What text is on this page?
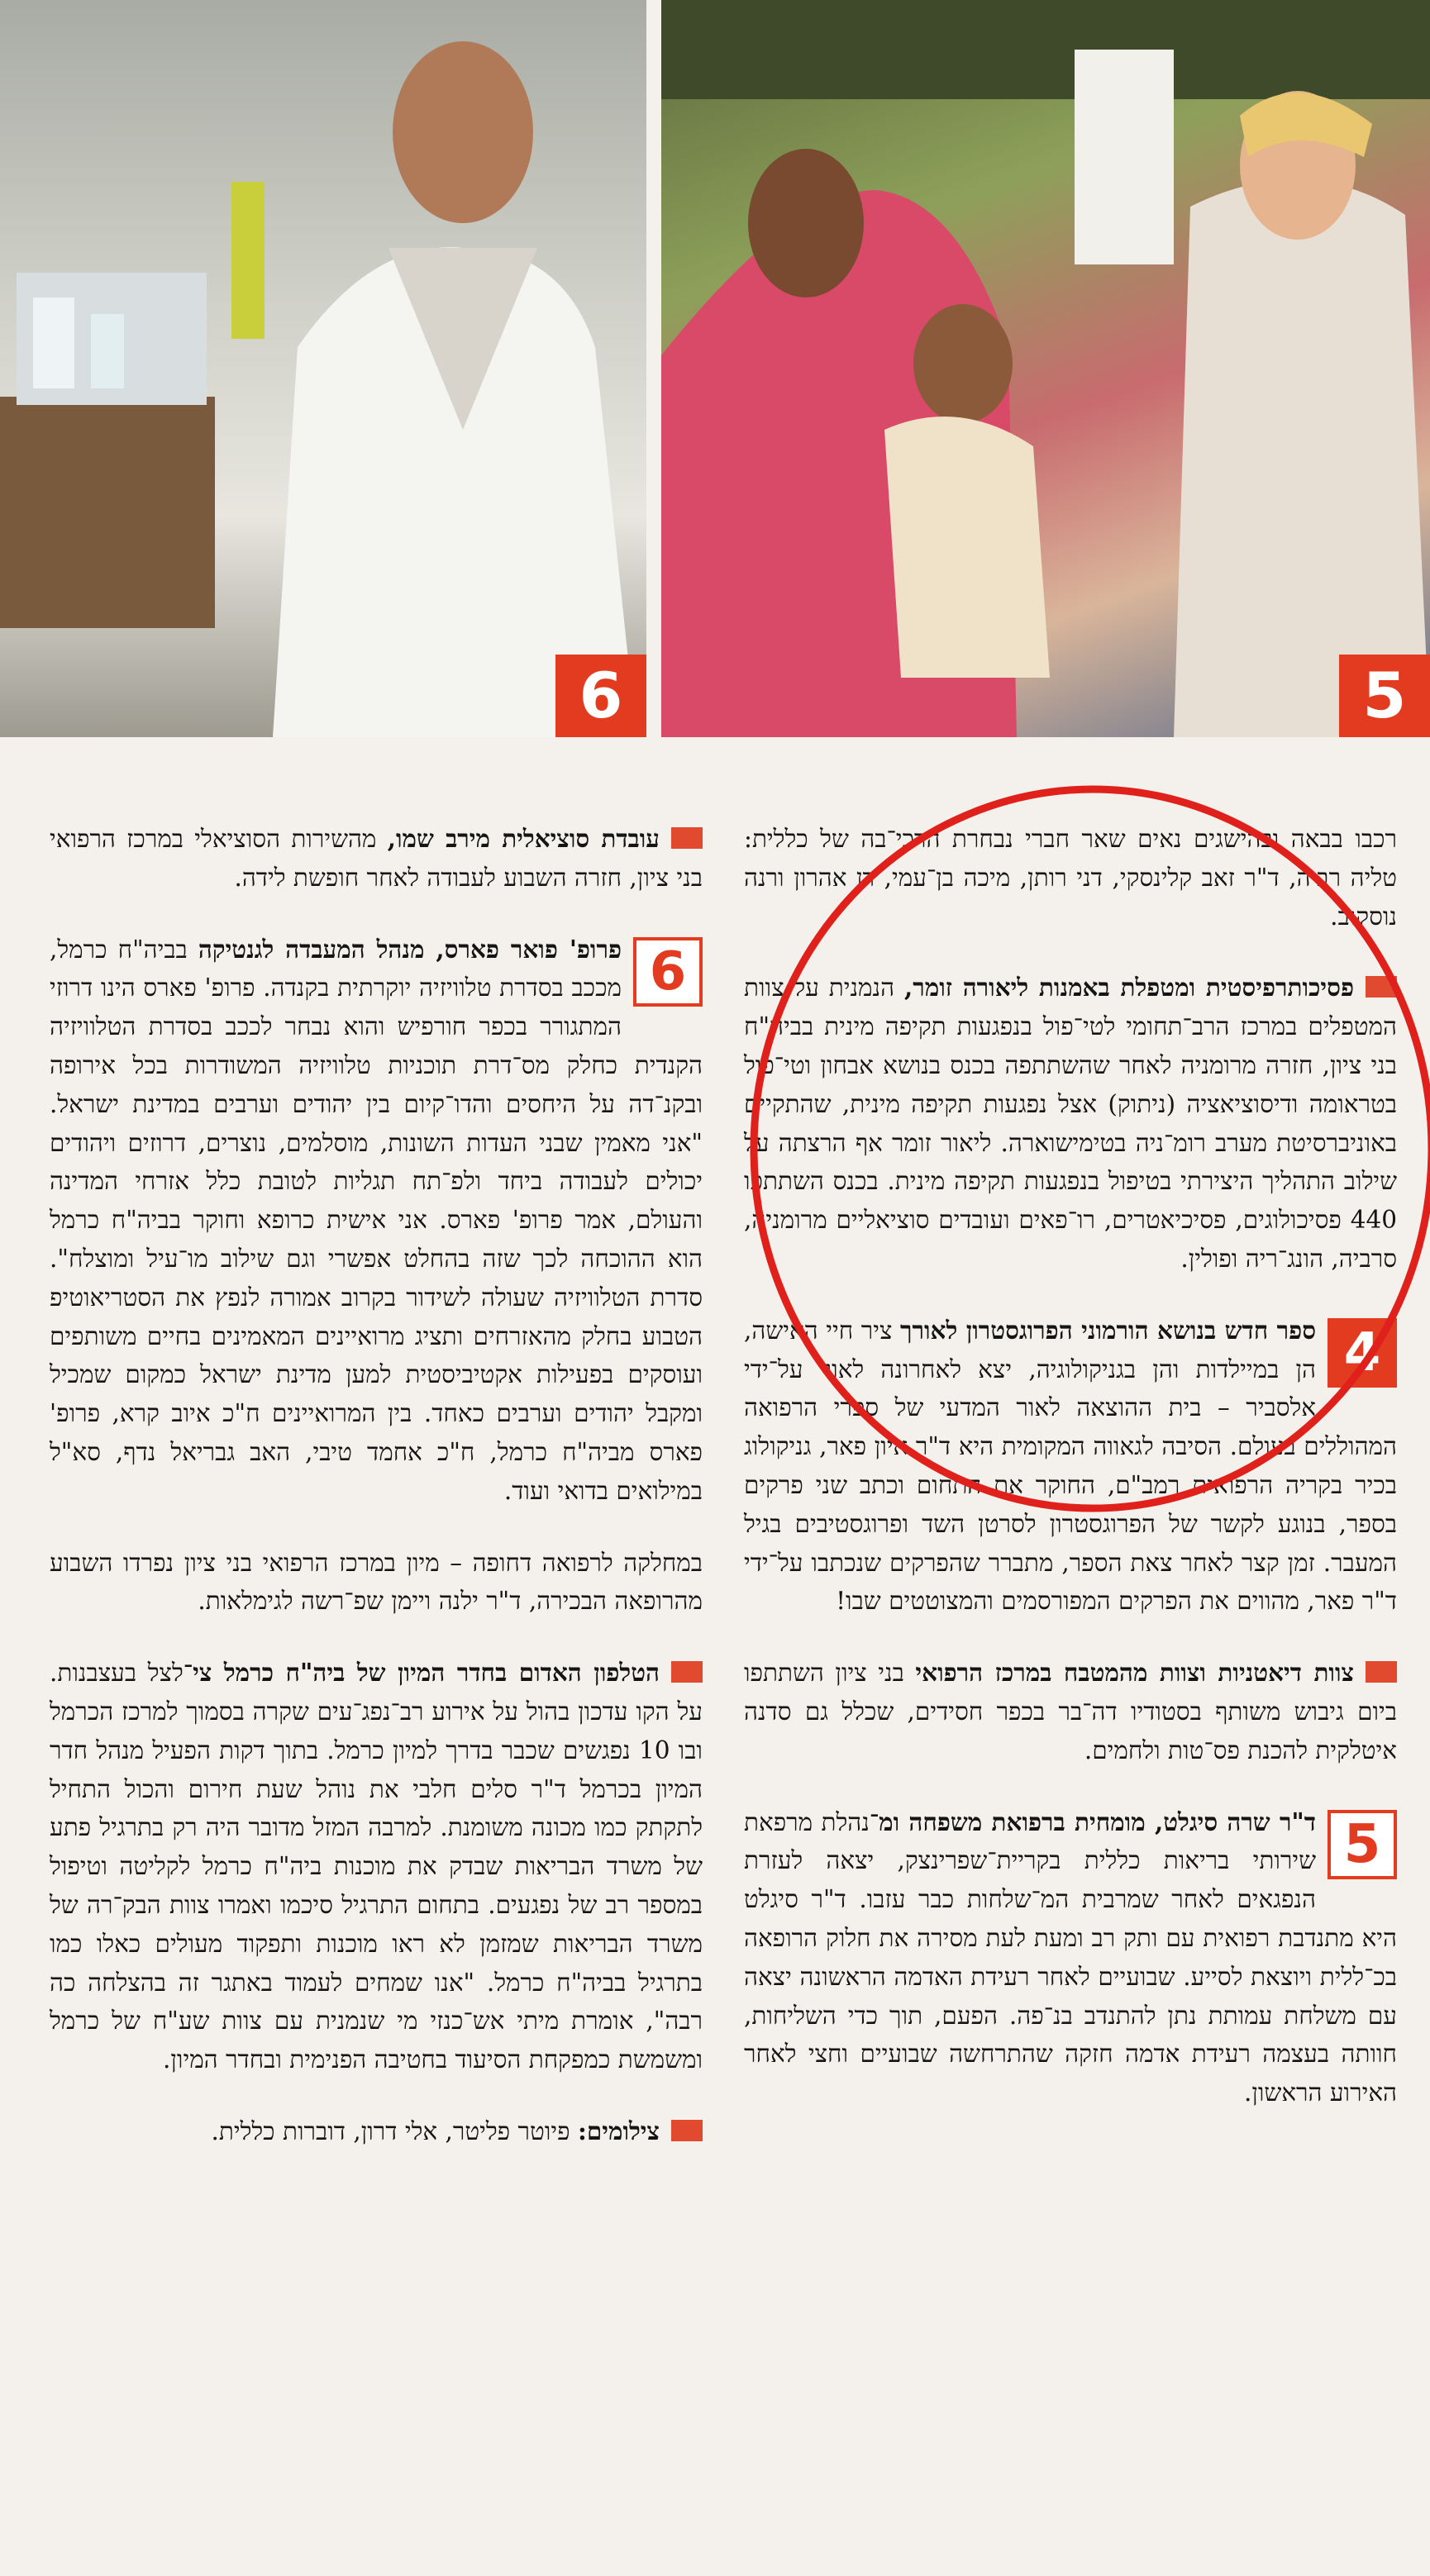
6	5

רכבו בבאה ובהישגים נאים שאר חברי נבחרת הרכי־בה של כללית: טליה רביה, ד"ר זאב קלינסקי, דני רותן, מיכה בן־עמי, רן אהרון ורנה נוסקוב.

פסיכותרפיסטית ומטפלת באמנות ליאורה זומר, הנמנית על צוות המטפלים במרכז הרב־תחומי לטי־פול בנפגעות תקיפה מינית בביה"ח בני ציון, חזרה מרומניה לאחר שהשתתפה בכנס בנושא אבחון וטי־פול בטראומה ודיסוציאציה (ניתוק) אצל נפגעות תקיפה מינית, שהתקיים באוניברסיטת מערב רומ־ניה בטימישוארה. ליאור זומר אף הרצתה על שילוב התהליך היצירתי בטיפול בנפגעות תקיפה מינית. בכנס השתתפו 440 פסיכולוגים, פסיכיאטרים, רו־פאים ועובדים סוציאליים מרומניה, סרביה, הונג־ריה ופולין.

4
ספר חדש בנושא הורמוני הפרוגסטרון לאורך ציר חיי האישה, הן במיילדות והן בגניקולוגיה, יצא לאחרונה לאור על־ידי אלסביר – בית ההוצאה לאור המדעי של ספרי הרפואה המהוללים בעולם. הסיבה לגאווה המקומית היא ד"ר איון פאר, גניקולוג בכיר בקריה הרפואית רמב"ם, החוקר את התחום וכתב שני פרקים בספר, בנוגע לקשר של הפרוגסטרון לסרטן השד ופרוגסטיבים בגיל המעבר. זמן קצר לאחר צאת הספר, מתברר שהפרקים שנכתבו על־ידי ד"ר פאר, מהווים את הפרקים המפורסמים והמצוטטים שבו!

צוות דיאטניות וצוות מהמטבח במרכז הרפואי בני ציון השתתפו ביום גיבוש משותף בסטודיו דה־בר בכפר חסידים, שכלל גם סדנה איטלקית להכנת פס־טות ולחמים.

5
ד"ר שרה סיגלט, מומחית ברפואת משפחה ומ־נהלת מרפאת שירותי בריאות כללית בקריית־שפרינצק, יצאה לעזרת הנפגאים לאחר שמרבית המ־שלחות כבר עזבו. ד"ר סיגלט היא מתנדבת רפואית עם ותק רב ומעת לעת מסירה את חלוק הרופאה בכ־ללית ויוצאת לסייע. שבועיים לאחר רעידת האדמה הראשונה יצאה עם משלחת עמותת נתן להתנדב בנ־פה. הפעם, תוך כדי השליחות, חוותה בעצמה רעידת אדמה חזקה שהתרחשה שבועיים וחצי לאחר האירוע הראשון.

עובדת סוציאלית מירב שמו, מהשירות הסוציאלי במרכז הרפואי בני ציון, חזרה השבוע לעבודה לאחר חופשת לידה.

6
פרופ' פואר פארס, מנהל המעבדה לגנטיקה בביה"ח כרמל, מככב בסדרת טלוויזיה יוקרתית בקנדה. פרופ' פארס הינו דרוזי המתגורר בכפר חורפיש והוא נבחר לככב בסדרת הטלוויזיה הקנדית כחלק מס־דרת תוכניות טלוויזיה המשודרות בכל אירופה ובקנ־דה על היחסים והדו־קיום בין יהודים וערבים במדינת ישראל. "אני מאמין שבני העדות השונות, מוסלמים, נוצרים, דרוזים ויהודים יכולים לעבודה ביחד ולפ־תח תגליות לטובת כלל אזרחי המדינה והעולם, אמר פרופ' פארס. אני אישית כרופא וחוקר בביה"ח כרמל הוא ההוכחה לכך שזה בהחלט אפשרי וגם שילוב מו־עיל ומוצלח". סדרת הטלוויזיה שעולה לשידור בקרוב אמורה לנפץ את הסטריאוטיפ הטבוע בחלק מהאזרחים ותציג מרואיינים המאמינים בחיים משותפים ועוסקים בפעילות אקטיביסטית למען מדינת ישראל כמקום שמכיל ומקבל יהודים וערבים כאחד. בין המרואיינים ח"כ איוב קרא, פרופ' פארס מביה"ח כרמל, ח"כ אחמד טיבי, האב גבריאל נדף, סא"ל במילואים בדואי ועוד.

במחלקה לרפואה דחופה – מיון במרכז הרפואי בני ציון נפרדו השבוע מהרופאה הבכירה, ד"ר ילנה ויימן שפ־רשה לגימלאות.

הטלפון האדום בחדר המיון של ביה"ח כרמל צי־לצל בעצבנות. על הקו עדכון בהול על אירוע רב־נפג־עים שקרה בסמוך למרכז הכרמל ובו 10 נפגשים שכבר בדרך למיון כרמל. בתוך דקות הפעיל מנהל חדר המיון בכרמל ד"ר סלים חלבי את נוהל שעת חירום והכול התחיל לתקתק כמו מכונה משומנת. למרבה המזל מדובר היה רק בתרגיל פתע של משרד הבריאות שבדק את מוכנות ביה"ח כרמל לקליטה וטיפול במספר רב של נפגעים. בתחום התרגיל סיכמו ואמרו צוות הבק־רה של משרד הבריאות שמזמן לא ראו מוכנות ותפקוד מעולים כאלו כמו בתרגיל בביה"ח כרמל. "אנו שמחים לעמוד באתגר זה בהצלחה כה רבה", אומרת מיתי אש־כנזי מי שנמנית עם צוות שע"ח של כרמל ומשמשת כמפקחת הסיעוד בחטיבה הפנימית ובחדר המיון.

צילומים: פיוטר פליטר, אלי דרון, דוברות כללית.
